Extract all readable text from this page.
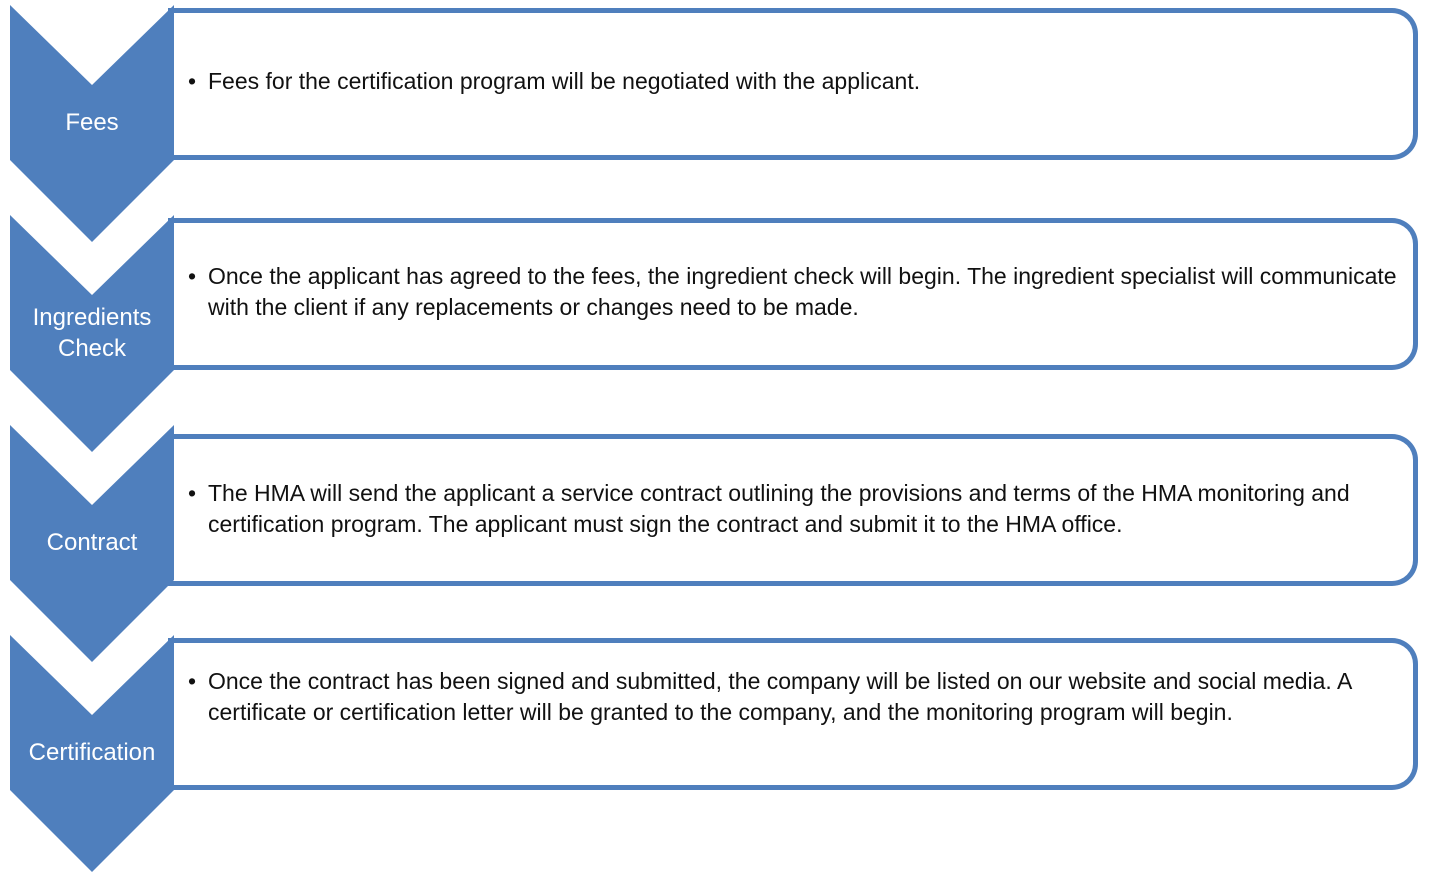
Fees
Ingredients
Check
Contract
Certification
• Fees for the certification program will be negotiated with the applicant.
• Once the applicant has agreed to the fees, the ingredient check will begin. The ingredient specialist will communicate with the client if any replacements or changes need to be made.
• The HMA will send the applicant a service contract outlining the provisions and terms of the HMA monitoring and certification program. The applicant must sign the contract and submit it to the HMA office.
• Once the contract has been signed and submitted, the company will be listed on our website and social media. A certificate or certification letter will be granted to the company, and the monitoring program will begin.
